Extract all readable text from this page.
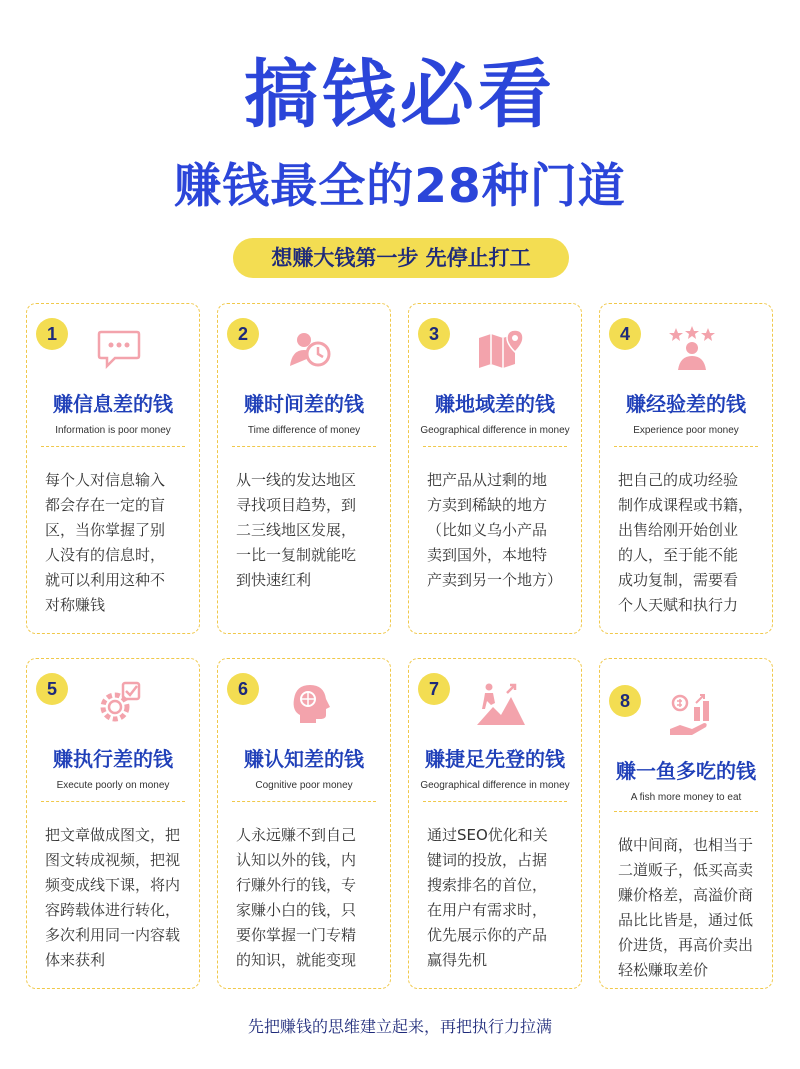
搞钱必看
赚钱最全的28种门道
想赚大钱第一步 先停止打工
1
赚信息差的钱
Information is poor money
每个人对信息输入
都会存在一定的盲
区，当你掌握了别
人没有的信息时，
就可以利用这种不
对称赚钱
2
赚时间差的钱
Time difference of money
从一线的发达地区
寻找项目趋势，到
二三线地区发展，
一比一复制就能吃
到快速红利
3
赚地域差的钱
Geographical difference in money
把产品从过剩的地
方卖到稀缺的地方
（比如义乌小产品
卖到国外，本地特
产卖到另一个地方）
4
赚经验差的钱
Experience poor money
把自己的成功经验
制作成课程或书籍，
出售给刚开始创业
的人，至于能不能
成功复制，需要看
个人天赋和执行力
5
赚执行差的钱
Execute poorly on money
把文章做成图文，把
图文转成视频，把视
频变成线下课，将内
容跨载体进行转化，
多次利用同一内容载
体来获利
6
赚认知差的钱
Cognitive poor money
人永远赚不到自己
认知以外的钱，内
行赚外行的钱，专
家赚小白的钱，只
要你掌握一门专精
的知识，就能变现
7
赚捷足先登的钱
Geographical difference in money
通过SEO优化和关
键词的投放，占据
搜索排名的首位，
在用户有需求时，
优先展示你的产品
赢得先机
8
赚一鱼多吃的钱
A fish more money to eat
做中间商，也相当于
二道贩子，低买高卖
赚价格差，高溢价商
品比比皆是，通过低
价进货，再高价卖出
轻松赚取差价
先把赚钱的思维建立起来，再把执行力拉满
